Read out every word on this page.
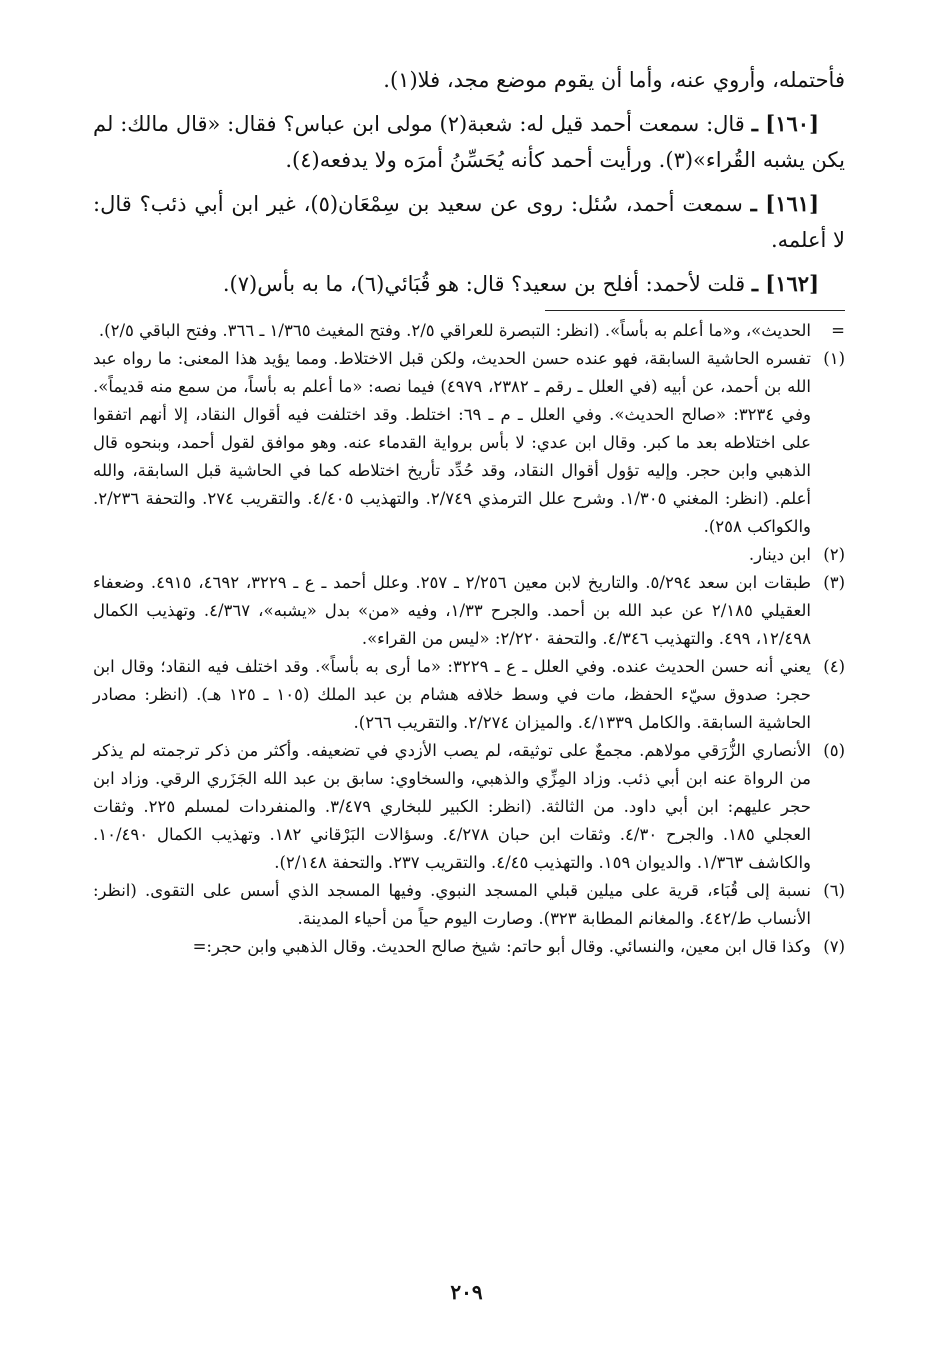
فأحتمله، وأروي عنه، وأما أن يقوم موضع مجد، فلا(١).

[١٦٠] ـ قال: سمعت أحمد قيل له: شعبة(٢) مولى ابن عباس؟ فقال: «قال مالك: لم يكن يشبه القُراء»(٣). ورأيت أحمد كأنه يُحَسِّنُ أمرَه ولا يدفعه(٤).

[١٦١] ـ سمعت أحمد، سُئل: روى عن سعيد بن سِمْعَان(٥)، غير ابن أبي ذئب؟ قال: لا أعلمه.

[١٦٢] ـ قلت لأحمد: أفلح بن سعيد؟ قال: هو قُبَائي(٦)، ما به بأس(٧).

=
الحديث»، و«ما أعلم به بأساً». (انظر: التبصرة للعراقي ٢/٥. وفتح المغيث ١/٣٦٥ ـ ٣٦٦. وفتح الباقي ٢/٥).
(١)
تفسره الحاشية السابقة، فهو عنده حسن الحديث، ولكن قبل الاختلاط. ومما يؤيد هذا المعنى: ما رواه عبد الله بن أحمد، عن أبيه (في العلل ـ رقم ـ ٢٣٨٢، ٤٩٧٩) فيما نصه: «ما أعلم به بأساً، من سمع منه قديماً». وفي ٣٢٣٤: «صالح الحديث». وفي العلل ـ م ـ ٦٩: اختلط. وقد اختلفت فيه أقوال النقاد، إلا أنهم اتفقوا على اختلاطه بعد ما كبر. وقال ابن عدي: لا بأس برواية القدماء عنه. وهو موافق لقول أحمد، وبنحوه قال الذهبي وابن حجر. وإليه تؤول أقوال النقاد، وقد حُدِّد تأريخ اختلاطه كما في الحاشية قبل السابقة، والله أعلم. (انظر: المغني ١/٣٠٥. وشرح علل الترمذي ٢/٧٤٩. والتهذيب ٤/٤٠٥. والتقريب ٢٧٤. والتحفة ٢/٢٣٦. والكواكب ٢٥٨).
(٢)
ابن دينار.
(٣)
طبقات ابن سعد ٥/٢٩٤. والتاريخ لابن معين ٢/٢٥٦ ـ ٢٥٧. وعلل أحمد ـ ع ـ ٣٢٢٩، ٤٦٩٢، ٤٩١٥. وضعفاء العقيلي ٢/١٨٥ عن عبد الله بن أحمد. والجرح ١/٣٣، وفيه «من» بدل «يشبه»، ٤/٣٦٧. وتهذيب الكمال ١٢/٤٩٨، ٤٩٩. والتهذيب ٤/٣٤٦. والتحفة ٢/٢٢٠: «ليس من القراء».
(٤)
يعني أنه حسن الحديث عنده. وفي العلل ـ ع ـ ٣٢٢٩: «ما أرى به بأساً». وقد اختلف فيه النقاد؛ وقال ابن حجر: صدوق سيّء الحفظ، مات في وسط خلافه هشام بن عبد الملك (١٠٥ ـ ١٢٥ هـ). (انظر: مصادر الحاشية السابقة. والكامل ٤/١٣٣٩. والميزان ٢/٢٧٤. والتقريب ٢٦٦).
(٥)
الأنصاري الزُّرَقي مولاهم. مجمعٌ على توثيقه، لم يصب الأزدي في تضعيفه. وأكثر من ذكر ترجمته لم يذكر من الرواة عنه ابن أبي ذئب. وزاد المِزِّي والذهبي، والسخاوي: سابق بن عبد الله الجَزَري الرقي. وزاد ابن حجر عليهم: ابن أبي داود. من الثالثة. (انظر: الكبير للبخاري ٣/٤٧٩. والمنفردات لمسلم ٢٢٥. وثقات العجلي ١٨٥. والجرح ٤/٣٠. وثقات ابن حبان ٤/٢٧٨. وسؤالات البَرْقاني ١٨٢. وتهذيب الكمال ١٠/٤٩٠. والكاشف ١/٣٦٣. والديوان ١٥٩. والتهذيب ٤/٤٥. والتقريب ٢٣٧. والتحفة ٢/١٤٨).
(٦)
نسبة إلى قُبَاء، قرية على ميلين قبلي المسجد النبوي. وفيها المسجد الذي أسس على التقوى. (انظر: الأنساب ط/٤٤٢. والمغانم المطابة ٣٢٣). وصارت اليوم حياً من أحياء المدينة.
(٧)
وكذا قال ابن معين، والنسائي. وقال أبو حاتم: شيخ صالح الحديث. وقال الذهبي وابن حجر:=
٢٠٩
